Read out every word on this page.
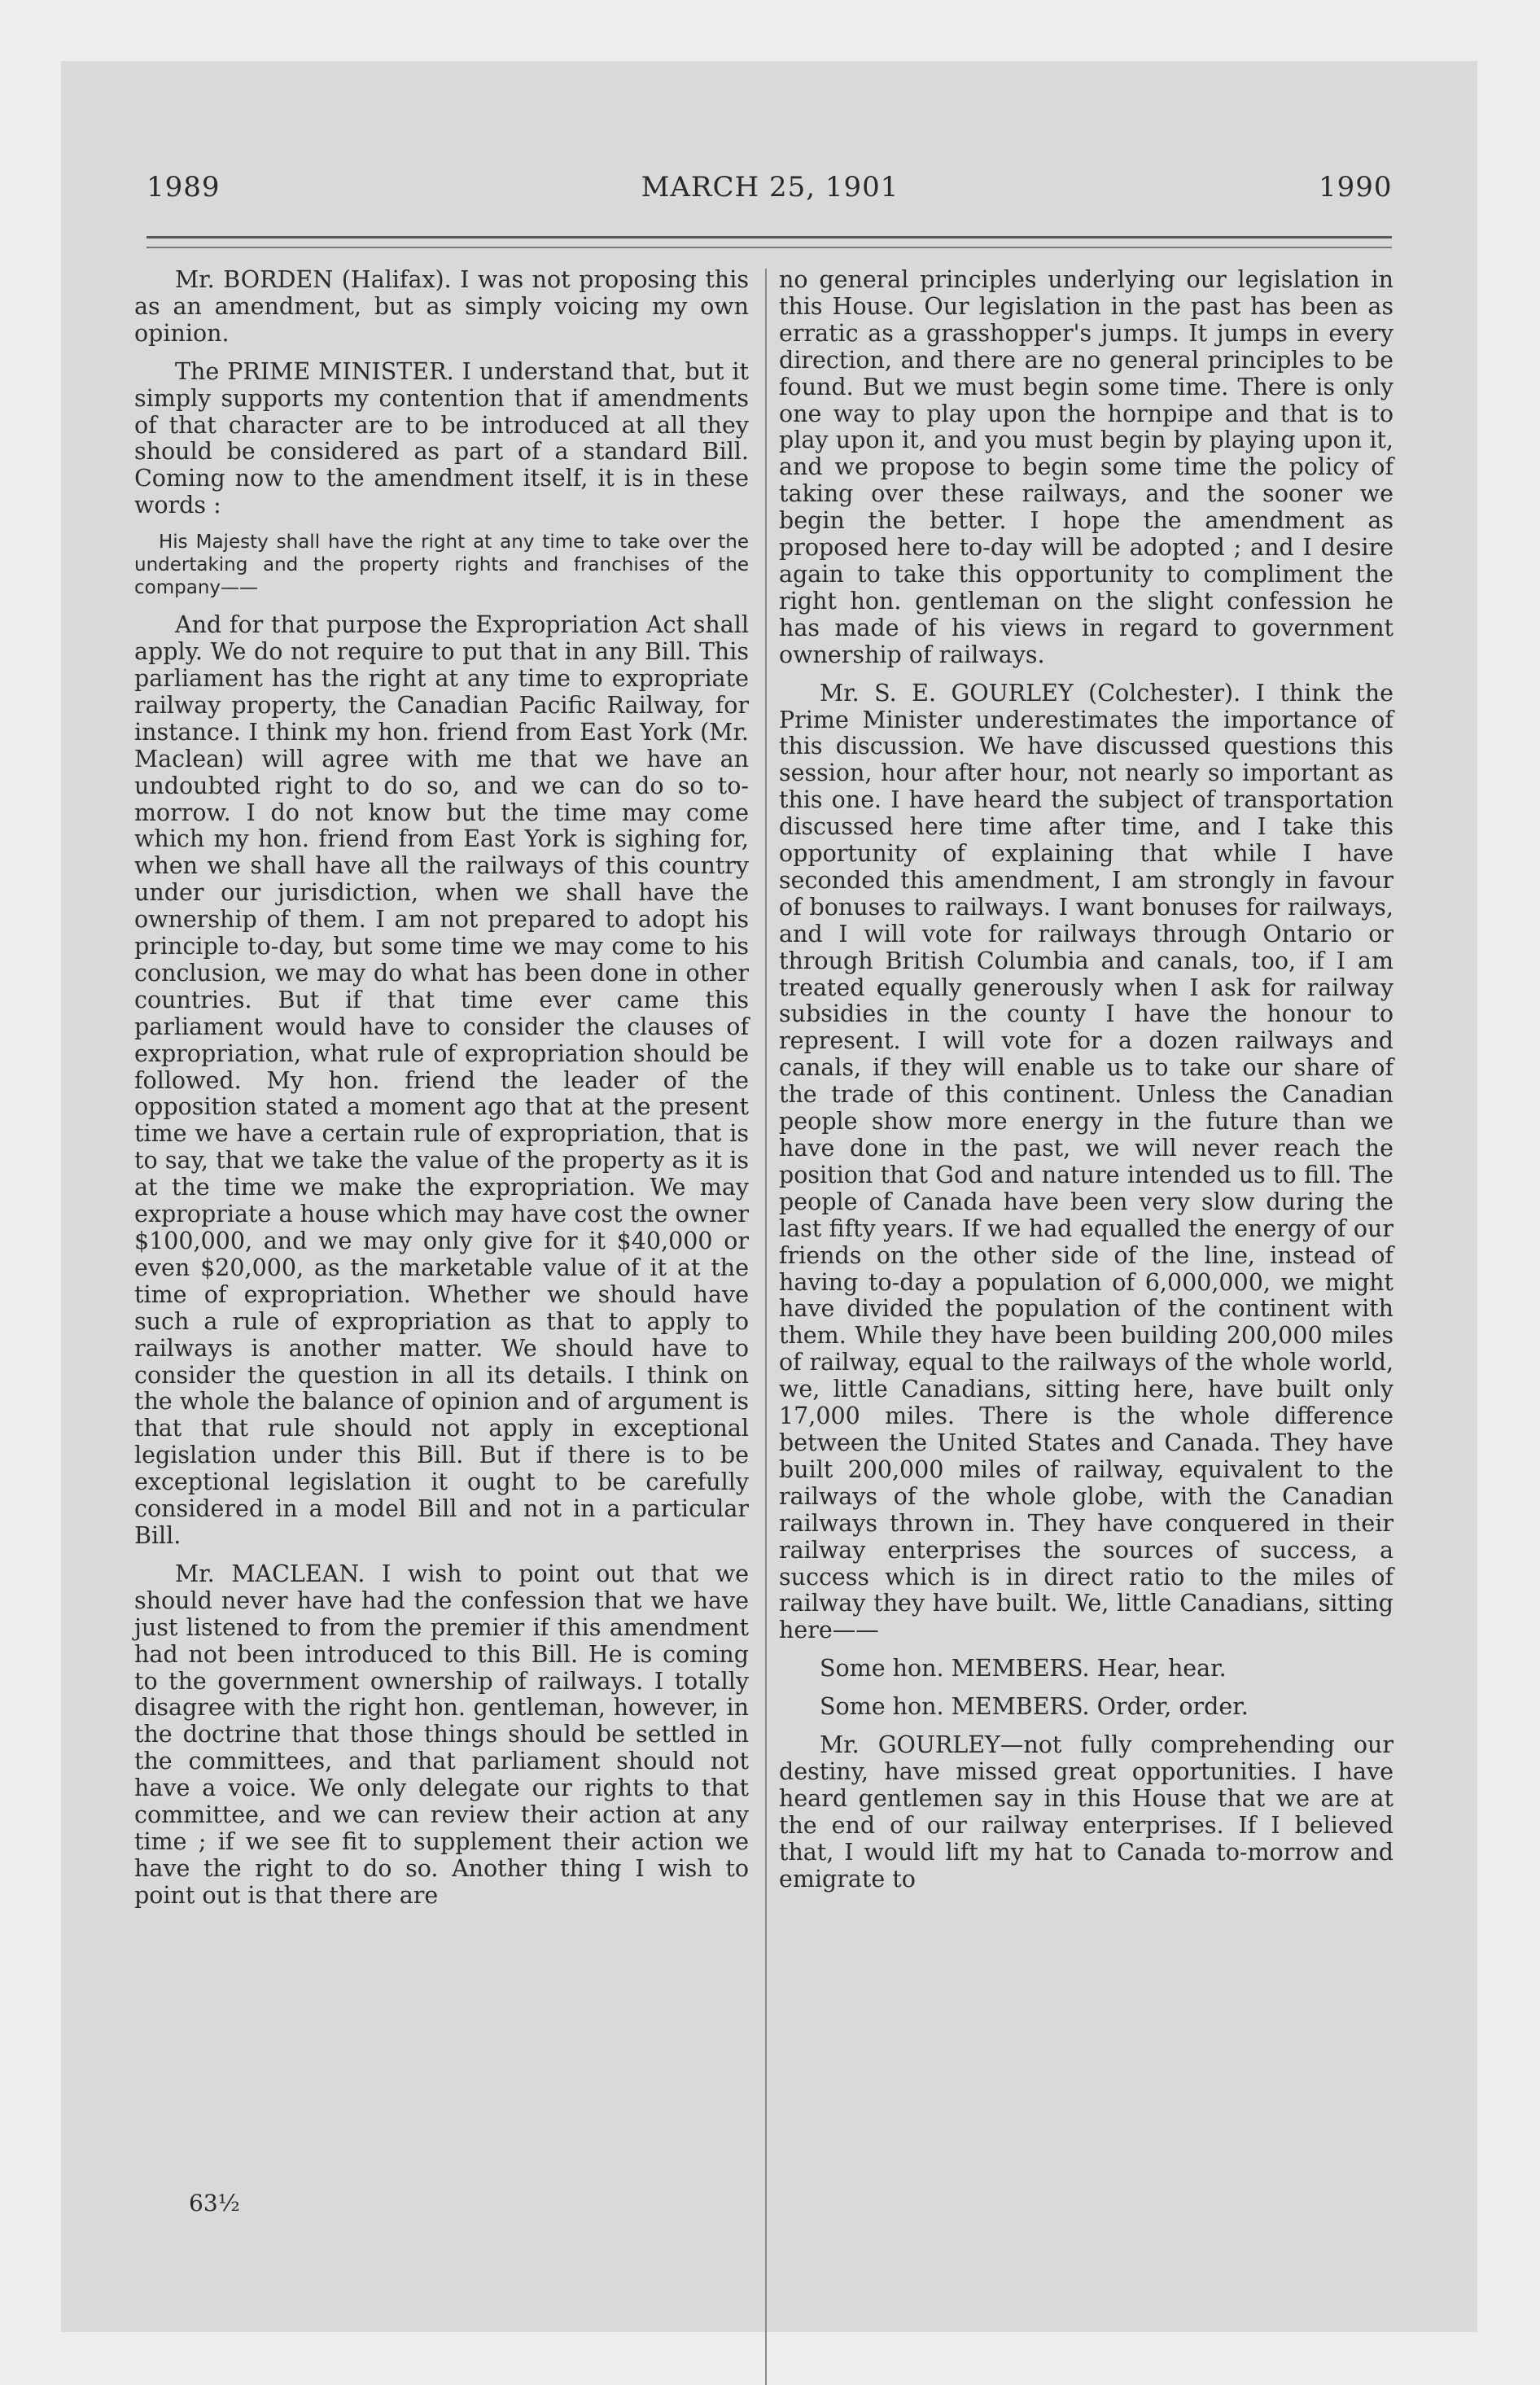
1989	MARCH 25, 1901	1990

Mr. BORDEN (Halifax). I was not proposing this as an amendment, but as simply voicing my own opinion.

The PRIME MINISTER. I understand that, but it simply supports my contention that if amendments of that character are to be introduced at all they should be considered as part of a standard Bill. Coming now to the amendment itself, it is in these words :

His Majesty shall have the right at any time to take over the undertaking and the property rights and franchises of the company——

And for that purpose the Expropriation Act shall apply. We do not require to put that in any Bill. This parliament has the right at any time to expropriate railway property, the Canadian Pacific Railway, for instance. I think my hon. friend from East York (Mr. Maclean) will agree with me that we have an undoubted right to do so, and we can do so to-morrow. I do not know but the time may come which my hon. friend from East York is sighing for, when we shall have all the railways of this country under our jurisdiction, when we shall have the ownership of them. I am not prepared to adopt his principle to-day, but some time we may come to his conclusion, we may do what has been done in other countries. But if that time ever came this parliament would have to consider the clauses of expropriation, what rule of expropriation should be followed. My hon. friend the leader of the opposition stated a moment ago that at the present time we have a certain rule of expropriation, that is to say, that we take the value of the property as it is at the time we make the expropriation. We may expropriate a house which may have cost the owner $100,000, and we may only give for it $40,000 or even $20,000, as the marketable value of it at the time of expropriation. Whether we should have such a rule of expropriation as that to apply to railways is another matter. We should have to consider the question in all its details. I think on the whole the balance of opinion and of argument is that that rule should not apply in exceptional legislation under this Bill. But if there is to be exceptional legislation it ought to be carefully considered in a model Bill and not in a particular Bill.

Mr. MACLEAN. I wish to point out that we should never have had the confession that we have just listened to from the premier if this amendment had not been introduced to this Bill. He is coming to the government ownership of railways. I totally disagree with the right hon. gentleman, however, in the doctrine that those things should be settled in the committees, and that parliament should not have a voice. We only delegate our rights to that committee, and we can review their action at any time ; if we see fit to supplement their action we have the right to do so. Another thing I wish to point out is that there are

no general principles underlying our legislation in this House. Our legislation in the past has been as erratic as a grasshopper's jumps. It jumps in every direction, and there are no general principles to be found. But we must begin some time. There is only one way to play upon the hornpipe and that is to play upon it, and you must begin by playing upon it, and we propose to begin some time the policy of taking over these railways, and the sooner we begin the better. I hope the amendment as proposed here to-day will be adopted ; and I desire again to take this opportunity to compliment the right hon. gentleman on the slight confession he has made of his views in regard to government ownership of railways.

Mr. S. E. GOURLEY (Colchester). I think the Prime Minister underestimates the importance of this discussion. We have discussed questions this session, hour after hour, not nearly so important as this one. I have heard the subject of transportation discussed here time after time, and I take this opportunity of explaining that while I have seconded this amendment, I am strongly in favour of bonuses to railways. I want bonuses for railways, and I will vote for railways through Ontario or through British Columbia and canals, too, if I am treated equally generously when I ask for railway subsidies in the county I have the honour to represent. I will vote for a dozen railways and canals, if they will enable us to take our share of the trade of this continent. Unless the Canadian people show more energy in the future than we have done in the past, we will never reach the position that God and nature intended us to fill. The people of Canada have been very slow during the last fifty years. If we had equalled the energy of our friends on the other side of the line, instead of having to-day a population of 6,000,000, we might have divided the population of the continent with them. While they have been building 200,000 miles of railway, equal to the railways of the whole world, we, little Canadians, sitting here, have built only 17,000 miles. There is the whole difference between the United States and Canada. They have built 200,000 miles of railway, equivalent to the railways of the whole globe, with the Canadian railways thrown in. They have conquered in their railway enterprises the sources of success, a success which is in direct ratio to the miles of railway they have built. We, little Canadians, sitting here——

Some hon. MEMBERS. Hear, hear.

Some hon. MEMBERS. Order, order.

Mr. GOURLEY—not fully comprehending our destiny, have missed great opportunities. I have heard gentlemen say in this House that we are at the end of our railway enterprises. If I believed that, I would lift my hat to Canada to-morrow and emigrate to

63½
